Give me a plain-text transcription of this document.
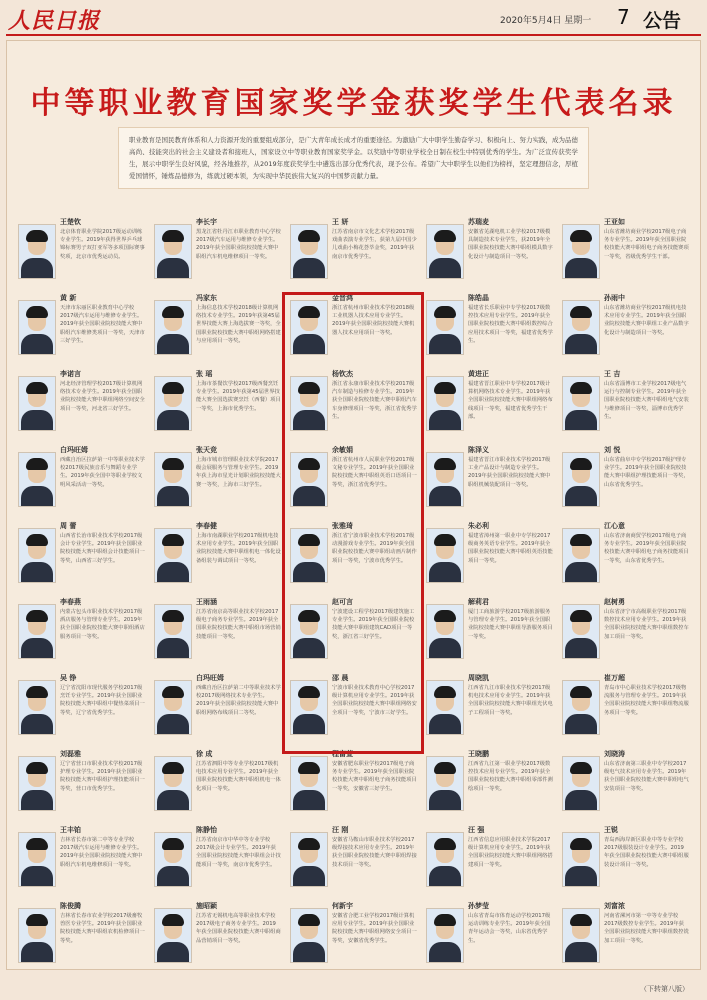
人民日报	2020年5月4日 星期一 7 公告
中等职业教育国家奖学金获奖学生代表名录
职业教育是国民教育体系和人力资源开发的重要组成部分，是广大青年成长成才的重要途径。为激励广大中职学生勤奋学习、积极向上、努力实践，成为品德高尚、技能突出的社会主义建设者和接班人，国家设立中等职业教育国家奖学金。以奖励中等职业学校全日制在校生中特别优秀的学生。为广泛宣传获奖学生，展示中职学生良好风貌，经各地推荐，从2019年度获奖学生中遴选出部分优秀代表，现予公布。希望广大中职学生以他们为榜样，坚定理想信念，厚植爱国情怀，锤炼品德修为，练就过硬本领，为实现中华民族伟大复兴的中国梦贡献力量。
王楚钦
北京体育职业学院2017级运动训练专业学生。2019年获得世界乒乓球锦标赛男子双打亚军等多项国际赛事奖项，北京市优秀运动员。
李长宇
黑龙江省牡丹江市职业教育中心学校2017级汽车运用与维修专业学生。2019年获全国职业院校技能大赛中职组汽车机电维修项目一等奖。
王 妍
江苏省南京市文化艺术学校2017级戏曲表演专业学生，获第九届中国少儿戏曲小梅花荟萃金奖，2019年获南京市优秀学生。
苏瑞麦
安徽省芜湖电机工业学校2017级模具制造技术专业学生，获2019年全国职业院校技能大赛中职组模具数字化设计与制造项目一等奖。
王亚如
山东省潍坊商业学校2017级电子商务专业学生。2019年获全国职业院校技能大赛中职组电子商务技能赛项一等奖，省级优秀学生干部。
黄 新
天津市东丽区职业教育中心学校2017级汽车运用与维修专业学生。2019年获全国职业院校技能大赛中职组汽车维修类项目一等奖，天津市三好学生。
冯家东
上海信息技术学校2018级计算机网络技术专业学生。2019年获第45届世界技能大赛上海选拔赛一等奖，全国职业院校技能大赛中职组网络搭建与应用项目一等奖。
金晋鸿
浙江省杭州市职业技术学校2018级工业机器人技术应用专业学生。2019年获全国职业院校技能大赛机器人技术应用项目一等奖。
陈皓晶
福建省长乐职业中专学校2017级数控技术应用专业学生。2019年获全国职业院校技能大赛中职组数控综合应用技术项目一等奖，福建省优秀学生。
孙雨中
山东省潍坊商业学校2017级机电技术应用专业学生。2019年获全国职业院校技能大赛中职组工业产品数字化设计与制造项目一等奖。
李诺言
河北经济管理学校2017级计算机网络技术专业学生。2019年获全国职业院校技能大赛中职组网络空间安全项目一等奖，河北省三好学生。
张 瑶
上海市茶餐饮学校2017级西餐烹饪专业学生。2019年获第45届世界技能大赛全国选拔赛烹饪（西餐）项目一等奖，上海市优秀学生。
杨钦杰
浙江省永康市职业技术学校2017级汽车制造与检修专业学生。2019年获全国职业院校技能大赛中职组汽车车身修理项目一等奖，浙江省优秀学生。
黄进正
福建省晋江职业中专学校2017级计算机网络技术专业学生。2019年获全国职业院校技能大赛中职组网络布线项目一等奖，福建省优秀学生干部。
王 吉
山东省淄博市工业学校2017级电气运行与控制专业学生。2019年获全国职业院校技能大赛中职组电气安装与维修项目一等奖，淄博市优秀学生。
白玛旺姆
西藏自治区拉萨第一中等职业技术学校2017级民族音乐与舞蹈专业学生。2019年获全国中等职业学校文明风采活动一等奖。
张天竞
上海市城市管理职业技术学院2017级会展服务与管理专业学生。2019年获上海市星光计划职业院校技能大赛一等奖，上海市三好学生。
余敏娟
浙江省杭州市人民职业学校2017级文秘专业学生。2019年获全国职业院校技能大赛中职组英语口语项目一等奖，浙江省优秀学生。
陈泽义
福建省晋江市职业技术学校2017级工业产品设计与制造专业学生。2019年获全国职业院校技能大赛中职组机械装配项目一等奖。
刘 悦
山东省曲阜中专学校2017级护理专业学生。2019年获全国职业院校技能大赛中职组护理技能项目一等奖，山东省优秀学生。
周 蕾
山西省长治市职业技术学校2017级会计专业学生。2019年获全国职业院校技能大赛中职组会计技能项目一等奖，山西省三好学生。
李春健
上海市南湖职业学校2017级机电技术应用专业学生。2019年获全国职业院校技能大赛中职组机电一体化设备组装与调试项目一等奖。
张雅琦
浙江省宁波市职业技术学校2017级动漫游戏专业学生。2019年获全国职业院校技能大赛中职组动画片制作项目一等奖，宁波市优秀学生。
朱必利
福建省漳州第一职业中专学校2017级商务英语专业学生。2019年获全国职业院校技能大赛中职组英语技能项目一等奖。
江心意
山东省济南商贸学校2017级电子商务专业学生。2019年获全国职业院校技能大赛中职组电子商务技能项目一等奖，山东省优秀学生。
李春燕
内蒙古包头市职业技术学校2017级酒店服务与管理专业学生。2019年获全国职业院校技能大赛中职组酒店服务项目一等奖。
王雨涵
江苏省南京高等职业技术学校2017级电子商务专业学生。2019年获全国职业院校技能大赛中职组市场营销技能项目一等奖。
赵可言
宁波建设工程学校2017级建筑施工专业学生。2019年获全国职业院校技能大赛中职组建筑CAD项目一等奖，浙江省三好学生。
解莉君
厦门工商旅游学校2017级旅游服务与管理专业学生。2019年获全国职业院校技能大赛中职组导游服务项目一等奖。
赵树勇
山东省济宁市高级职业学校2017级数控技术应用专业学生。2019年获全国职业院校技能大赛中职组数控车加工项目一等奖。
吴 铮
辽宁省沈阳市现代服务学校2017级烹饪专业学生。2019年获全国职业院校技能大赛中职组中餐热菜项目一等奖，辽宁省优秀学生。
白玛旺姆
西藏自治区拉萨第二中等职业技术学校2017级网络技术专业学生。2019年获全国职业院校技能大赛中职组网络布线项目二等奖。
邵 晨
宁波市职业技术教育中心学校2017级计算机应用专业学生。2019年获全国职业院校技能大赛中职组网络安全项目一等奖，宁波市三好学生。
周晓凯
江西省九江市职业技术学校2017级机电技术应用专业学生。2019年获全国职业院校技能大赛中职组光伏电子工程项目一等奖。
崔万超
青岛市中心职业技术学校2017级物流服务与管理专业学生。2019年获全国职业院校技能大赛中职组物流服务项目一等奖。
刘磊雅
辽宁省营口市职业技术学校2017级护理专业学生。2019年获全国职业院校技能大赛中职组护理技能项目一等奖，营口市优秀学生。
徐 成
江苏省泗阳中等专业学校2017级机电技术应用专业学生。2019年获全国职业院校技能大赛中职组机电一体化项目一等奖。
程富萱
安徽省肥东职业学校2017级电子商务专业学生。2019年获全国职业院校技能大赛中职组电子商务技能项目一等奖，安徽省三好学生。
王晓鹏
江西省九江第一职业学校2017级数控技术应用专业学生。2019年获全国职业院校技能大赛中职组零部件测绘项目一等奖。
刘晓涛
山东省济南第三职业中专学校2017级电气技术应用专业学生。2019年获全国职业院校技能大赛中职组电气安装项目一等奖。
王丰铂
吉林省长春市第二中等专业学校2017级汽车运用与维修专业学生。2019年获全国职业院校技能大赛中职组汽车机电维修项目一等奖。
陈静怡
江苏省南京市中华中等专业学校2017级会计专业学生。2019年获全国职业院校技能大赛中职组会计技能项目一等奖，南京市优秀学生。
汪 刚
安徽省马鞍山市职业技术学校2017级焊接技术应用专业学生。2019年获全国职业院校技能大赛中职组焊接技术项目一等奖。
汪 强
江西省信息应用职业技术学院2017级计算机应用专业学生。2019年获全国职业院校技能大赛中职组网络搭建项目一等奖。
王锐
青岛西海岸新区职业中等专业学校2017级服装设计专业学生。2019年获全国职业院校技能大赛中职组服装设计项目一等奖。
陈俊腾
吉林省长春市农业学校2017级畜牧兽医专业学生。2019年获全国职业院校技能大赛中职组农机检修项目一等奖。
施昭颖
江苏省无锡机电高等职业技术学校2017级电子商务专业学生。2019年获全国职业院校技能大赛中职组商品营销项目一等奖。
何新宇
安徽省合肥工业学校2017级计算机应用专业学生。2019年获全国职业院校技能大赛中职组网络安全项目一等奖，安徽省优秀学生。
孙梦莹
山东省青岛市体育运动学校2017级运动训练专业学生。2019年获全国青年运动会一等奖，山东省优秀学生。
刘富浓
河南省漯河市第一中等专业学校2017级数控专业学生。2019年获全国职业院校技能大赛中职组数控铣加工项目一等奖。
（下转第八版）
